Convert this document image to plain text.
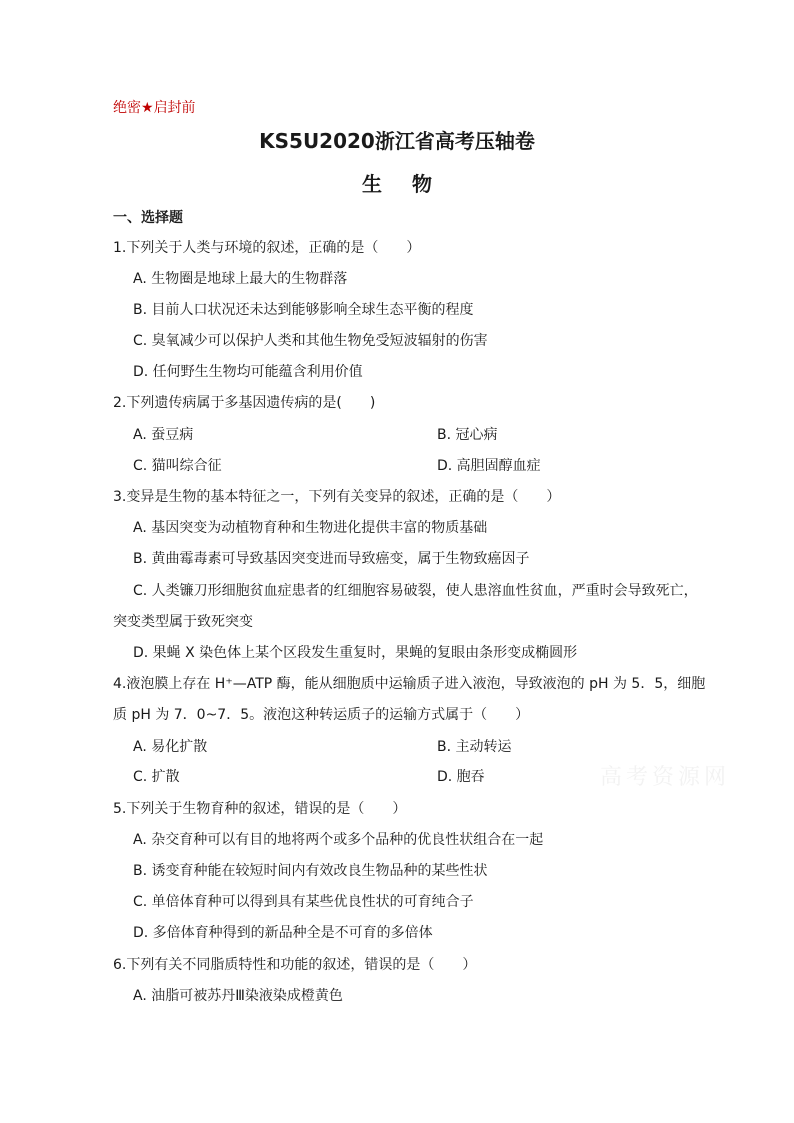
绝密★启封前
KS5U2020浙江省高考压轴卷
生物
一、选择题
1.下列关于人类与环境的叙述，正确的是（　　）
A. 生物圈是地球上最大的生物群落
B. 目前人口状况还未达到能够影响全球生态平衡的程度
C. 臭氧减少可以保护人类和其他生物免受短波辐射的伤害
D. 任何野生生物均可能蕴含利用价值
2.下列遗传病属于多基因遗传病的是(　　)
A. 蚕豆病	B. 冠心病
C. 猫叫综合征	D. 高胆固醇血症
3.变异是生物的基本特征之一，下列有关变异的叙述，正确的是（　　）
A. 基因突变为动植物育种和生物进化提供丰富的物质基础
B. 黄曲霉毒素可导致基因突变进而导致癌变，属于生物致癌因子
C. 人类镰刀形细胞贫血症患者的红细胞容易破裂，使人患溶血性贫血，严重时会导致死亡，
突变类型属于致死突变
D. 果蝇 X 染色体上某个区段发生重复时，果蝇的复眼由条形变成椭圆形
4.液泡膜上存在 H⁺—ATP 酶，能从细胞质中运输质子进入液泡，导致液泡的 pH 为 5．5，细胞
质 pH 为 7．0~7．5。液泡这种转运质子的运输方式属于（　　）
A. 易化扩散	B. 主动转运
C. 扩散	D. 胞吞
5.下列关于生物育种的叙述，错误的是（　　）
A. 杂交育种可以有目的地将两个或多个品种的优良性状组合在一起
B. 诱变育种能在较短时间内有效改良生物品种的某些性状
C. 单倍体育种可以得到具有某些优良性状的可育纯合子
D. 多倍体育种得到的新品种全是不可育的多倍体
6.下列有关不同脂质特性和功能的叙述，错误的是（　　）
A. 油脂可被苏丹Ⅲ染液染成橙黄色
高考资源网
